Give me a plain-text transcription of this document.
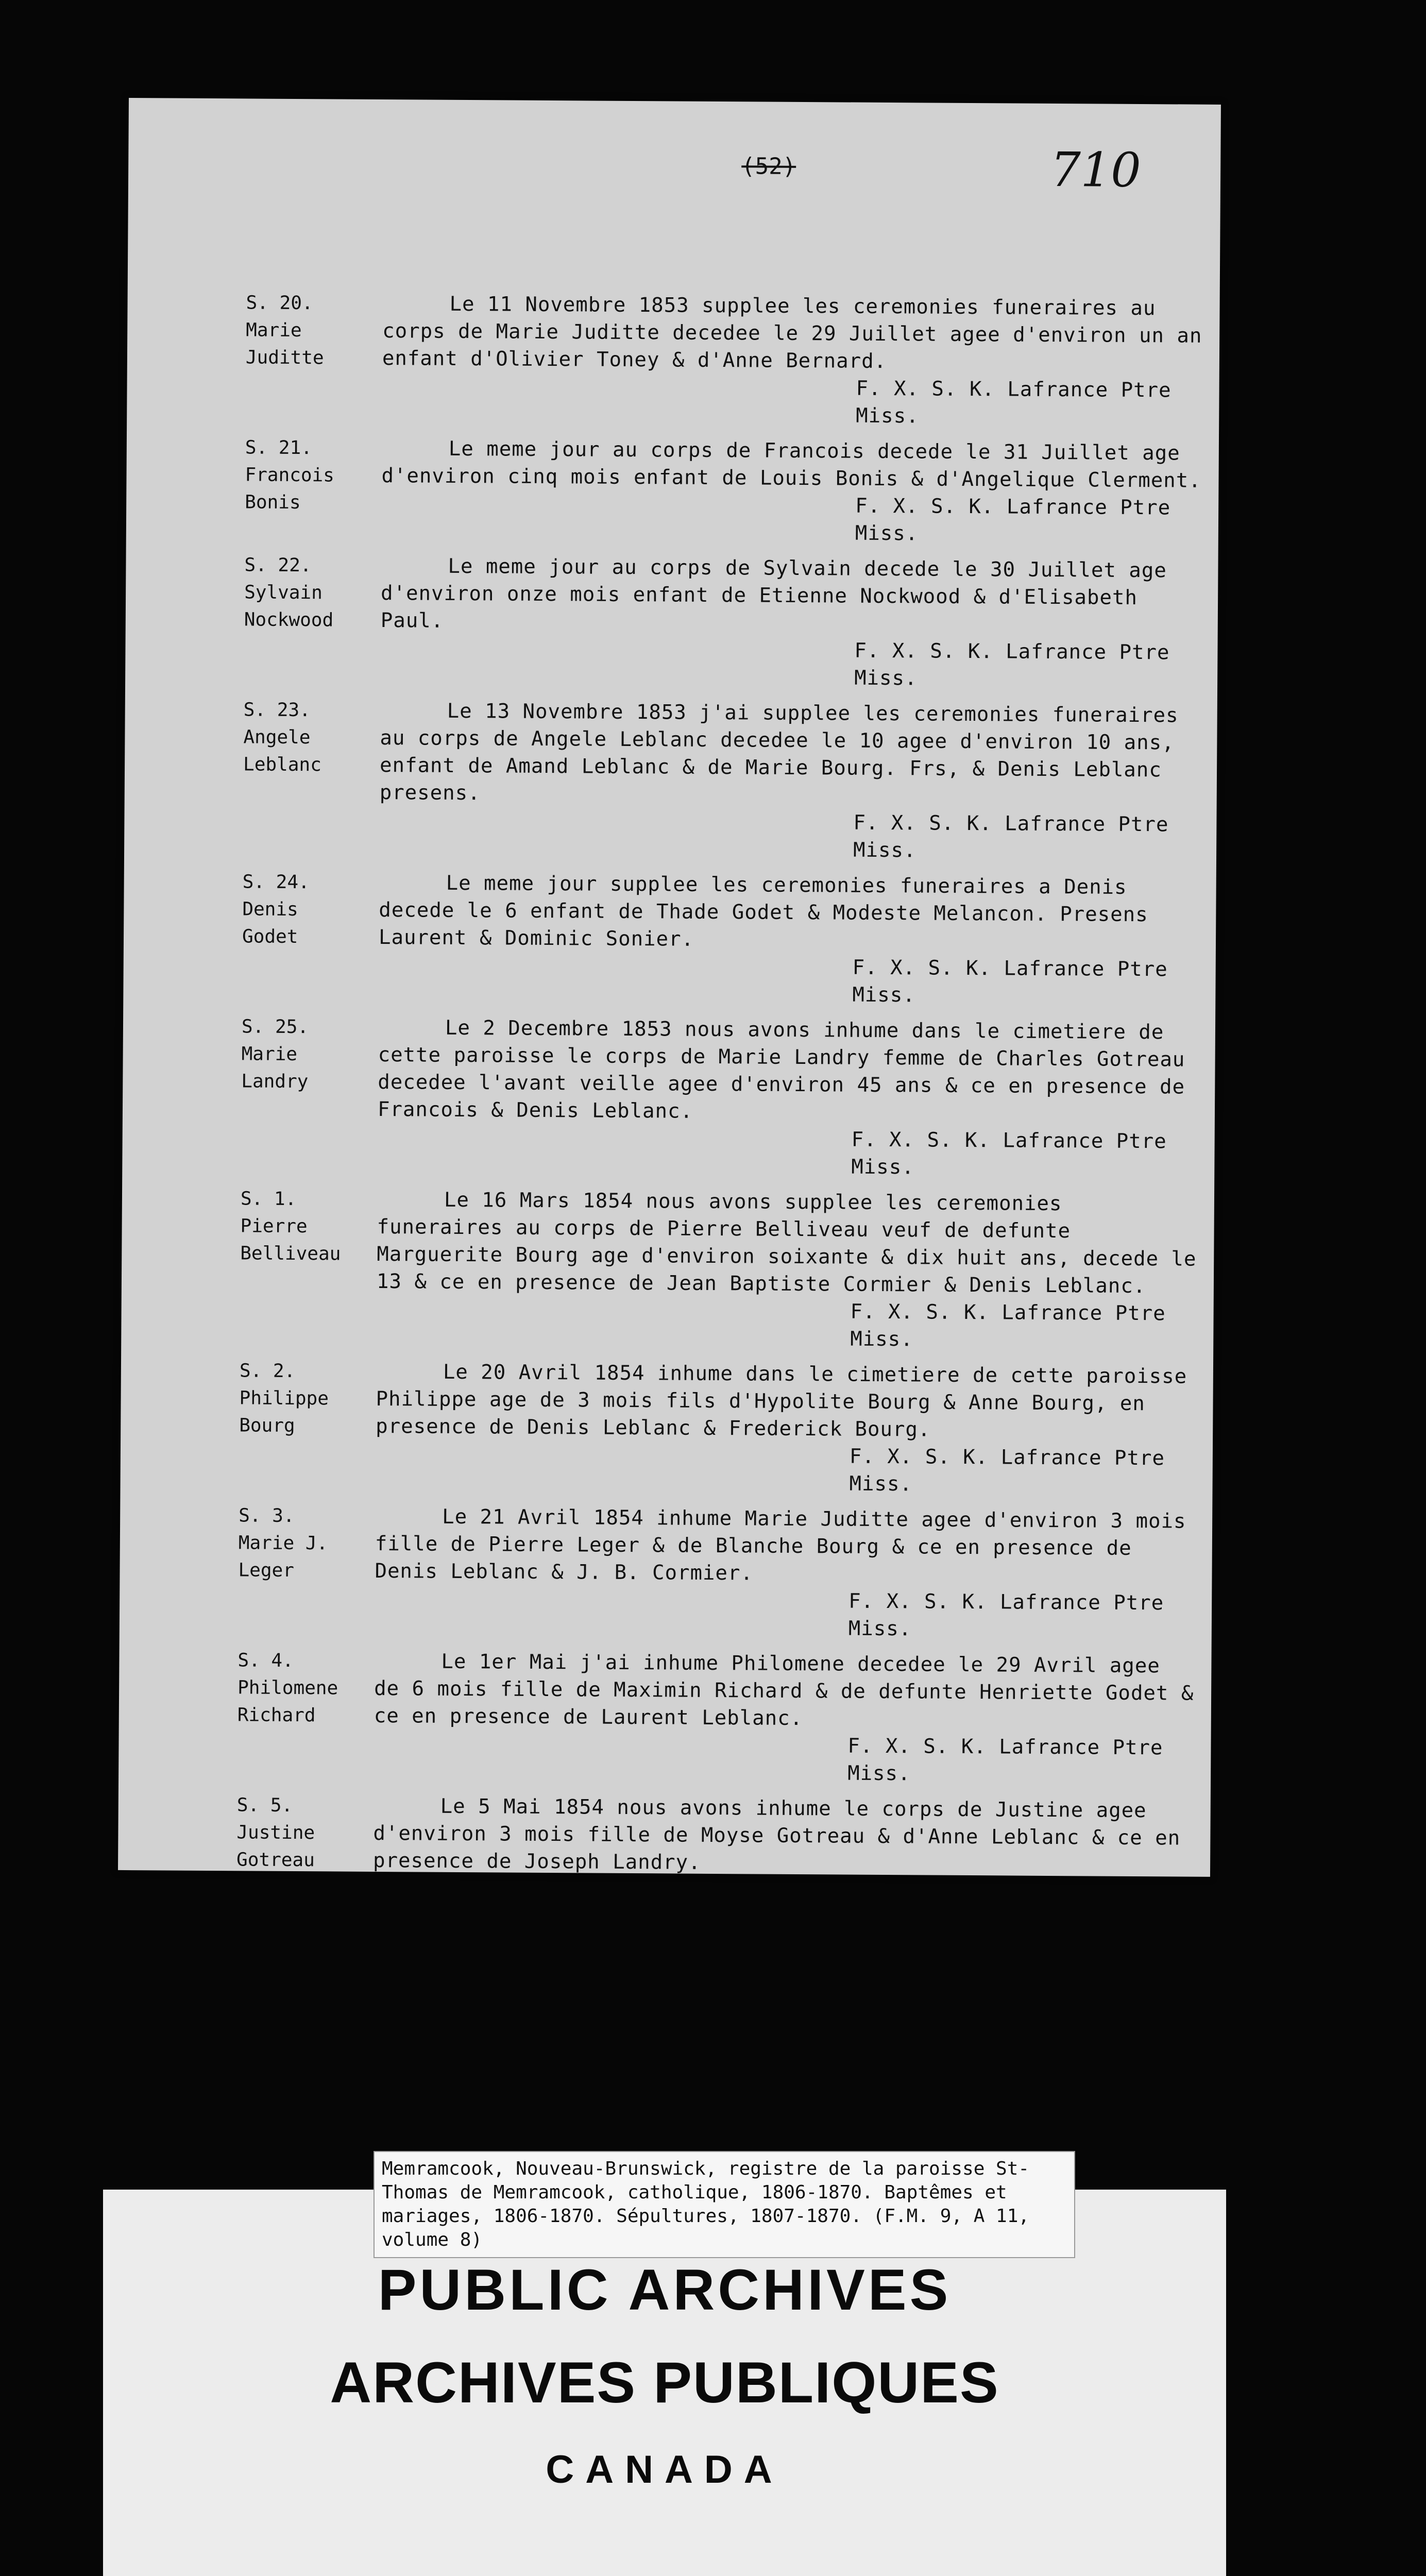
(52)	710
S. 20.
Marie
Juditte
Le 11 Novembre 1853 supplee les ceremonies funeraires au corps de Marie Juditte decedee le 29 Juillet agee d'environ un an enfant d'Olivier Toney & d'Anne Bernard.
F. X. S. K. Lafrance Ptre Miss.
S. 21.
Francois
Bonis
Le meme jour au corps de Francois decede le 31 Juillet age d'environ cinq mois enfant de Louis Bonis & d'Angelique Clerment.
F. X. S. K. Lafrance Ptre Miss.
S. 22.
Sylvain
Nockwood
Le meme jour au corps de Sylvain decede le 30 Juillet age d'environ onze mois enfant de Etienne Nockwood & d'Elisabeth Paul.
F. X. S. K. Lafrance Ptre Miss.
S. 23.
Angele
Leblanc
Le 13 Novembre 1853 j'ai supplee les ceremonies funeraires au corps de Angele Leblanc decedee le 10 agee d'environ 10 ans, enfant de Amand Leblanc & de Marie Bourg. Frs, & Denis Leblanc presens.
F. X. S. K. Lafrance Ptre Miss.
S. 24.
Denis
Godet
Le meme jour supplee les ceremonies funeraires a Denis decede le 6 enfant de Thade Godet & Modeste Melancon. Presens Laurent & Dominic Sonier.
F. X. S. K. Lafrance Ptre Miss.
S. 25.
Marie
Landry
Le 2 Decembre 1853 nous avons inhume dans le cimetiere de cette paroisse le corps de Marie Landry femme de Charles Gotreau decedee l'avant veille agee d'environ 45 ans & ce en presence de Francois & Denis Leblanc.
F. X. S. K. Lafrance Ptre Miss.
S. 1.
Pierre
Belliveau
Le 16 Mars 1854 nous avons supplee les ceremonies funeraires au corps de Pierre Belliveau veuf de defunte Marguerite Bourg age d'environ soixante & dix huit ans, decede le 13 & ce en presence de Jean Baptiste Cormier & Denis Leblanc.
F. X. S. K. Lafrance Ptre Miss.
S. 2.
Philippe
Bourg
Le 20 Avril 1854 inhume dans le cimetiere de cette paroisse Philippe age de 3 mois fils d'Hypolite Bourg & Anne Bourg, en presence de Denis Leblanc & Frederick Bourg.
F. X. S. K. Lafrance Ptre Miss.
S. 3.
Marie J.
Leger
Le 21 Avril 1854 inhume Marie Juditte agee d'environ 3 mois fille de Pierre Leger & de Blanche Bourg & ce en presence de Denis Leblanc & J. B. Cormier.
F. X. S. K. Lafrance Ptre Miss.
S. 4.
Philomene
Richard
Le 1er Mai j'ai inhume Philomene decedee le 29 Avril agee de 6 mois fille de Maximin Richard & de defunte Henriette Godet & ce en presence de Laurent Leblanc.
F. X. S. K. Lafrance Ptre Miss.
S. 5.
Justine
Gotreau
Le 5 Mai 1854 nous avons inhume le corps de Justine agee d'environ 3 mois fille de Moyse Gotreau & d'Anne Leblanc & ce en presence de Joseph Landry.
Memramcook, Nouveau-Brunswick, registre de la paroisse St-Thomas de Memramcook, catholique, 1806-1870. Baptêmes et mariages, 1806-1870. Sépultures, 1807-1870. (F.M. 9, A 11, volume 8)
PUBLIC ARCHIVES
ARCHIVES PUBLIQUES
CANADA
